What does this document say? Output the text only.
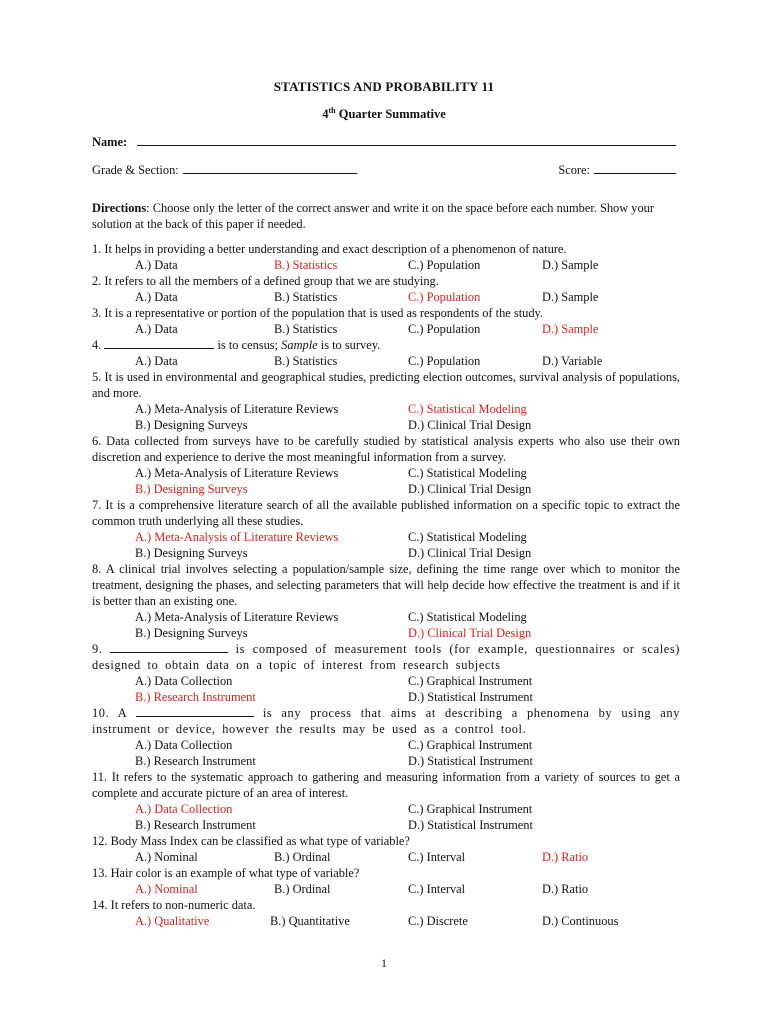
STATISTICS AND PROBABILITY 11
4th Quarter Summative
Name:
Grade & Section:	Score:
Directions: Choose only the letter of the correct answer and write it on the space before each number. Show your solution at the back of this paper if needed.
1. It helps in providing a better understanding and exact description of a phenomenon of nature.
A.) Data	B.) Statistics	C.) Population	D.) Sample
2. It refers to all the members of a defined group that we are studying.
A.) Data	B.) Statistics	C.) Population	D.) Sample
3. It is a representative or portion of the population that is used as respondents of the study.
A.) Data	B.) Statistics	C.) Population	D.) Sample
4.	is to census; Sample is to survey.
A.) Data	B.) Statistics	C.) Population	D.) Variable
5. It is used in environmental and geographical studies, predicting election outcomes, survival analysis of populations, and more.
A.) Meta-Analysis of Literature Reviews	C.) Statistical Modeling
B.) Designing Surveys	D.) Clinical Trial Design
6. Data collected from surveys have to be carefully studied by statistical analysis experts who also use their own discretion and experience to derive the most meaningful information from a survey.
A.) Meta-Analysis of Literature Reviews	C.) Statistical Modeling
B.) Designing Surveys	D.) Clinical Trial Design
7. It is a comprehensive literature search of all the available published information on a specific topic to extract the common truth underlying all these studies.
A.) Meta-Analysis of Literature Reviews	C.) Statistical Modeling
B.) Designing Surveys	D.) Clinical Trial Design
8. A clinical trial involves selecting a population/sample size, defining the time range over which to monitor the treatment, designing the phases, and selecting parameters that will help decide how effective the treatment is and if it is better than an existing one.
A.) Meta-Analysis of Literature Reviews	C.) Statistical Modeling
B.) Designing Surveys	D.) Clinical Trial Design
9.	is composed of measurement tools (for example, questionnaires or scales) designed to obtain data on a topic of interest from research subjects
A.) Data Collection	C.) Graphical Instrument
B.) Research Instrument	D.) Statistical Instrument
10. A	is any process that aims at describing a phenomena by using any instrument or device, however the results may be used as a control tool.
A.) Data Collection	C.) Graphical Instrument
B.) Research Instrument	D.) Statistical Instrument
11. It refers to the systematic approach to gathering and measuring information from a variety of sources to get a complete and accurate picture of an area of interest.
A.) Data Collection	C.) Graphical Instrument
B.) Research Instrument	D.) Statistical Instrument
12. Body Mass Index can be classified as what type of variable?
A.) Nominal	B.) Ordinal	C.) Interval	D.) Ratio
13. Hair color is an example of what type of variable?
A.) Nominal	B.) Ordinal	C.) Interval	D.) Ratio
14. It refers to non-numeric data.
A.) Qualitative	B.) Quantitative	C.) Discrete	D.) Continuous
1
